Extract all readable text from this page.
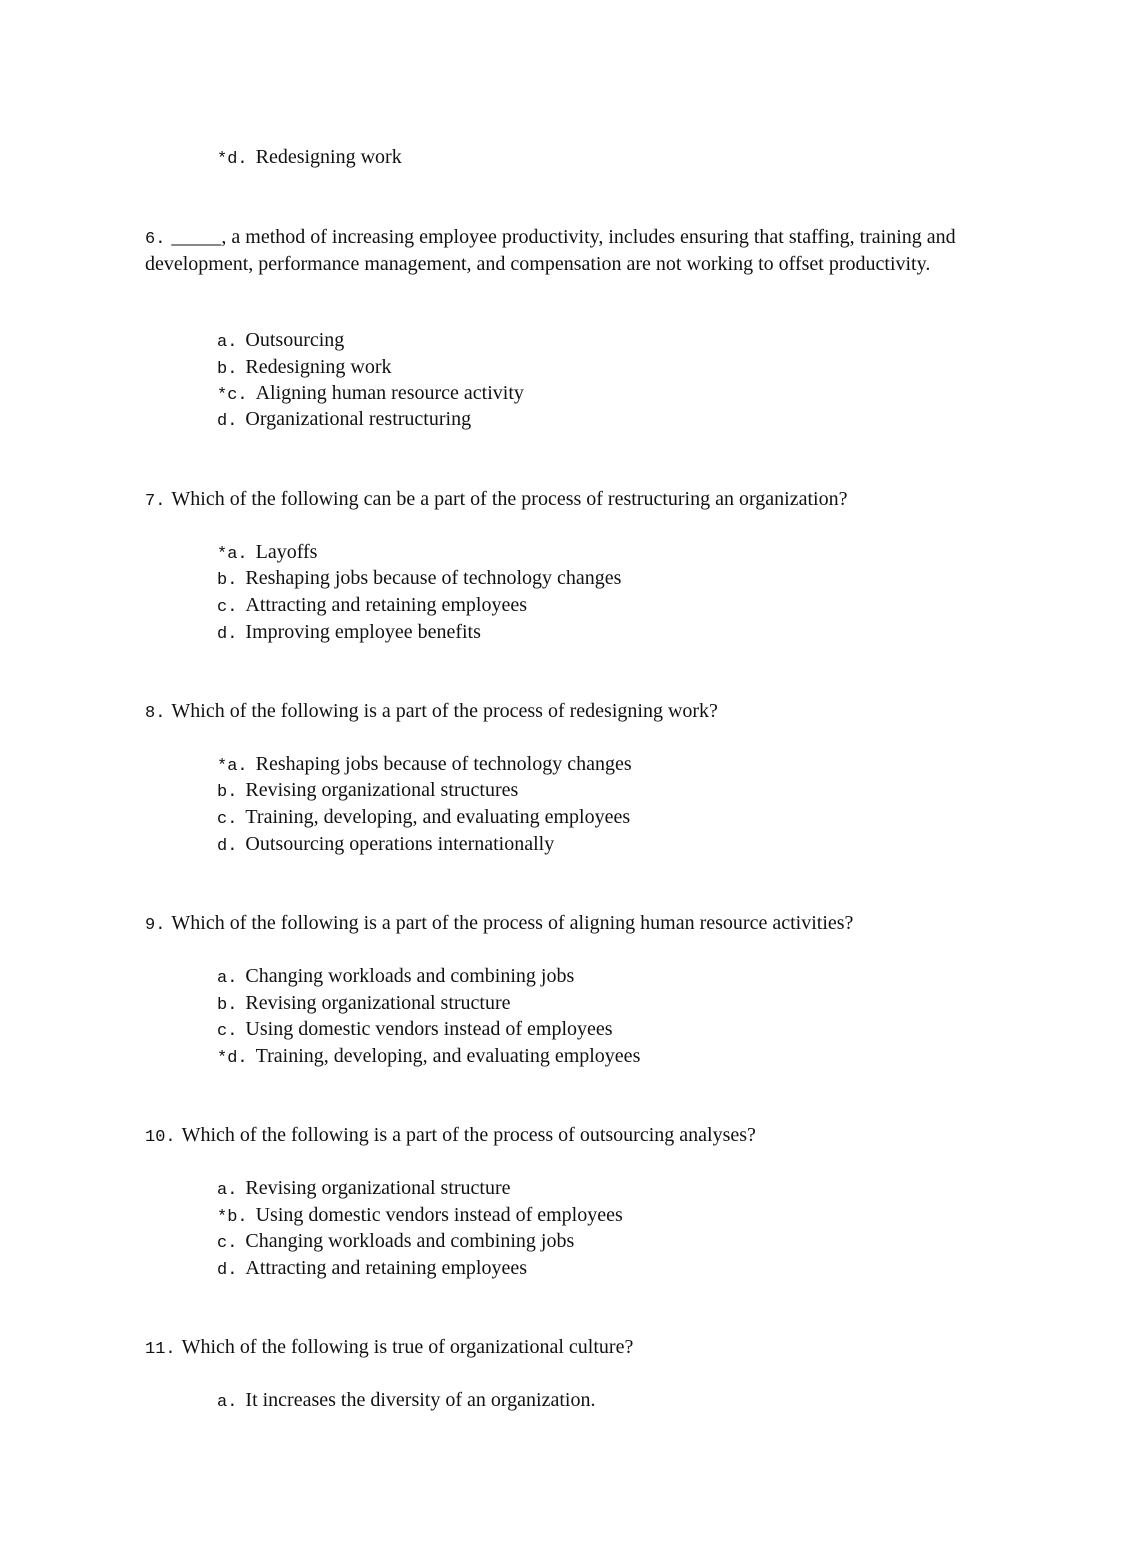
*d. Redesigning work
6. _____, a method of increasing employee productivity, includes ensuring that staffing, training and development, performance management, and compensation are not working to offset productivity.
a. Outsourcing
b. Redesigning work
*c. Aligning human resource activity
d. Organizational restructuring
7. Which of the following can be a part of the process of restructuring an organization?
*a. Layoffs
b. Reshaping jobs because of technology changes
c. Attracting and retaining employees
d. Improving employee benefits
8. Which of the following is a part of the process of redesigning work?
*a. Reshaping jobs because of technology changes
b. Revising organizational structures
c. Training, developing, and evaluating employees
d. Outsourcing operations internationally
9. Which of the following is a part of the process of aligning human resource activities?
a. Changing workloads and combining jobs
b. Revising organizational structure
c. Using domestic vendors instead of employees
*d. Training, developing, and evaluating employees
10. Which of the following is a part of the process of outsourcing analyses?
a. Revising organizational structure
*b. Using domestic vendors instead of employees
c. Changing workloads and combining jobs
d. Attracting and retaining employees
11. Which of the following is true of organizational culture?
a. It increases the diversity of an organization.
